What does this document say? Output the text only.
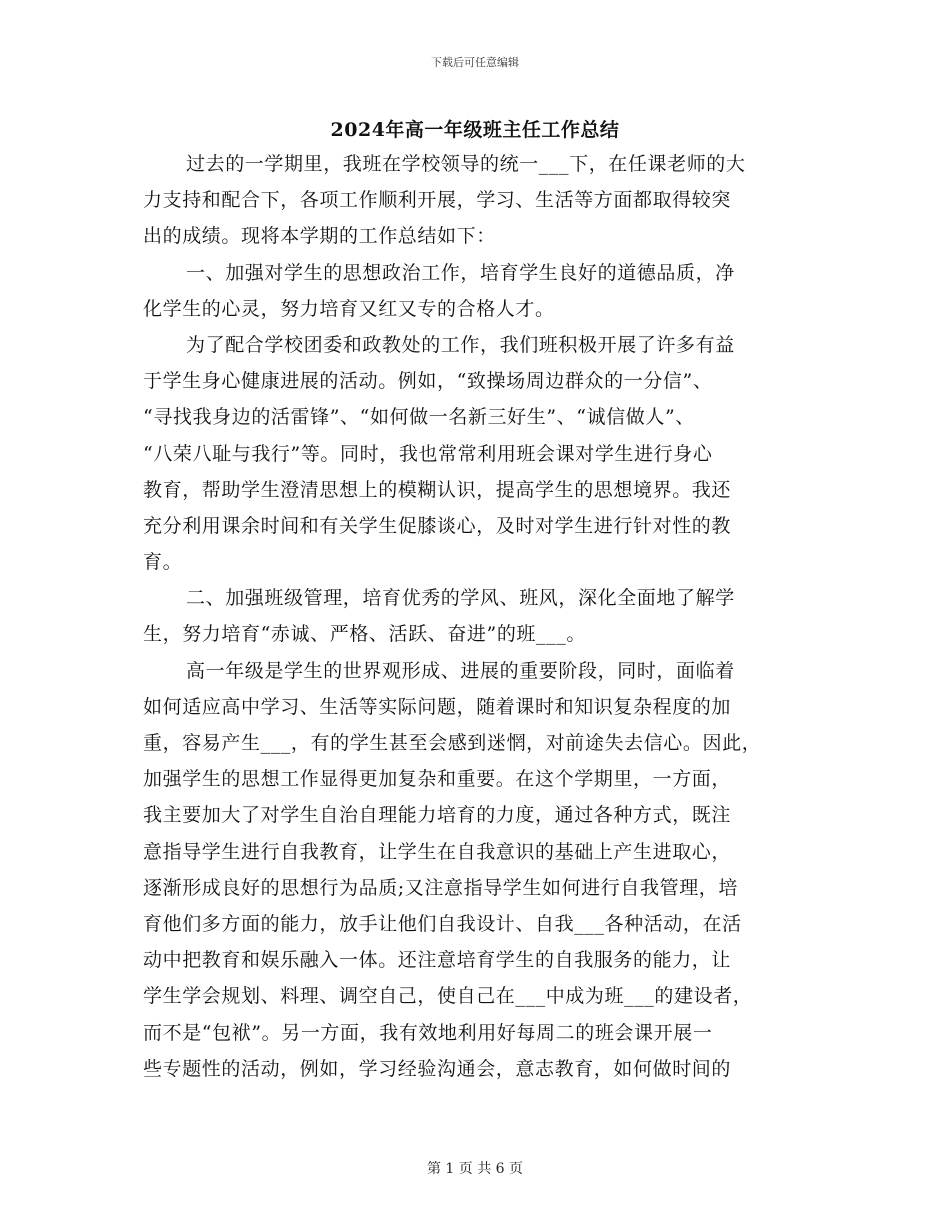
下载后可任意编辑
2024年高一年级班主任工作总结
过去的一学期里，我班在学校领导的统一___下，在任课老师的大
力支持和配合下，各项工作顺利开展，学习、生活等方面都取得较突
出的成绩。现将本学期的工作总结如下：
一、加强对学生的思想政治工作，培育学生良好的道德品质，净
化学生的心灵，努力培育又红又专的合格人才。
为了配合学校团委和政教处的工作，我们班积极开展了许多有益
于学生身心健康进展的活动。例如，“致操场周边群众的一分信”、
“寻找我身边的活雷锋”、“如何做一名新三好生”、“诚信做人”、
“八荣八耻与我行”等。同时，我也常常利用班会课对学生进行身心
教育，帮助学生澄清思想上的模糊认识，提高学生的思想境界。我还
充分利用课余时间和有关学生促膝谈心，及时对学生进行针对性的教
育。
二、加强班级管理，培育优秀的学风、班风，深化全面地了解学
生，努力培育“赤诚、严格、活跃、奋进”的班___。
高一年级是学生的世界观形成、进展的重要阶段，同时，面临着
如何适应高中学习、生活等实际问题，随着课时和知识复杂程度的加
重，容易产生___，有的学生甚至会感到迷惘，对前途失去信心。因此，
加强学生的思想工作显得更加复杂和重要。在这个学期里，一方面，
我主要加大了对学生自治自理能力培育的力度，通过各种方式，既注
意指导学生进行自我教育，让学生在自我意识的基础上产生进取心，
逐渐形成良好的思想行为品质;又注意指导学生如何进行自我管理，培
育他们多方面的能力，放手让他们自我设计、自我___各种活动，在活
动中把教育和娱乐融入一体。还注意培育学生的自我服务的能力，让
学生学会规划、料理、调空自己，使自己在___中成为班___的建设者，
而不是“包袱”。另一方面，我有效地利用好每周二的班会课开展一
些专题性的活动，例如，学习经验沟通会，意志教育，如何做时间的
第 1 页 共 6 页
